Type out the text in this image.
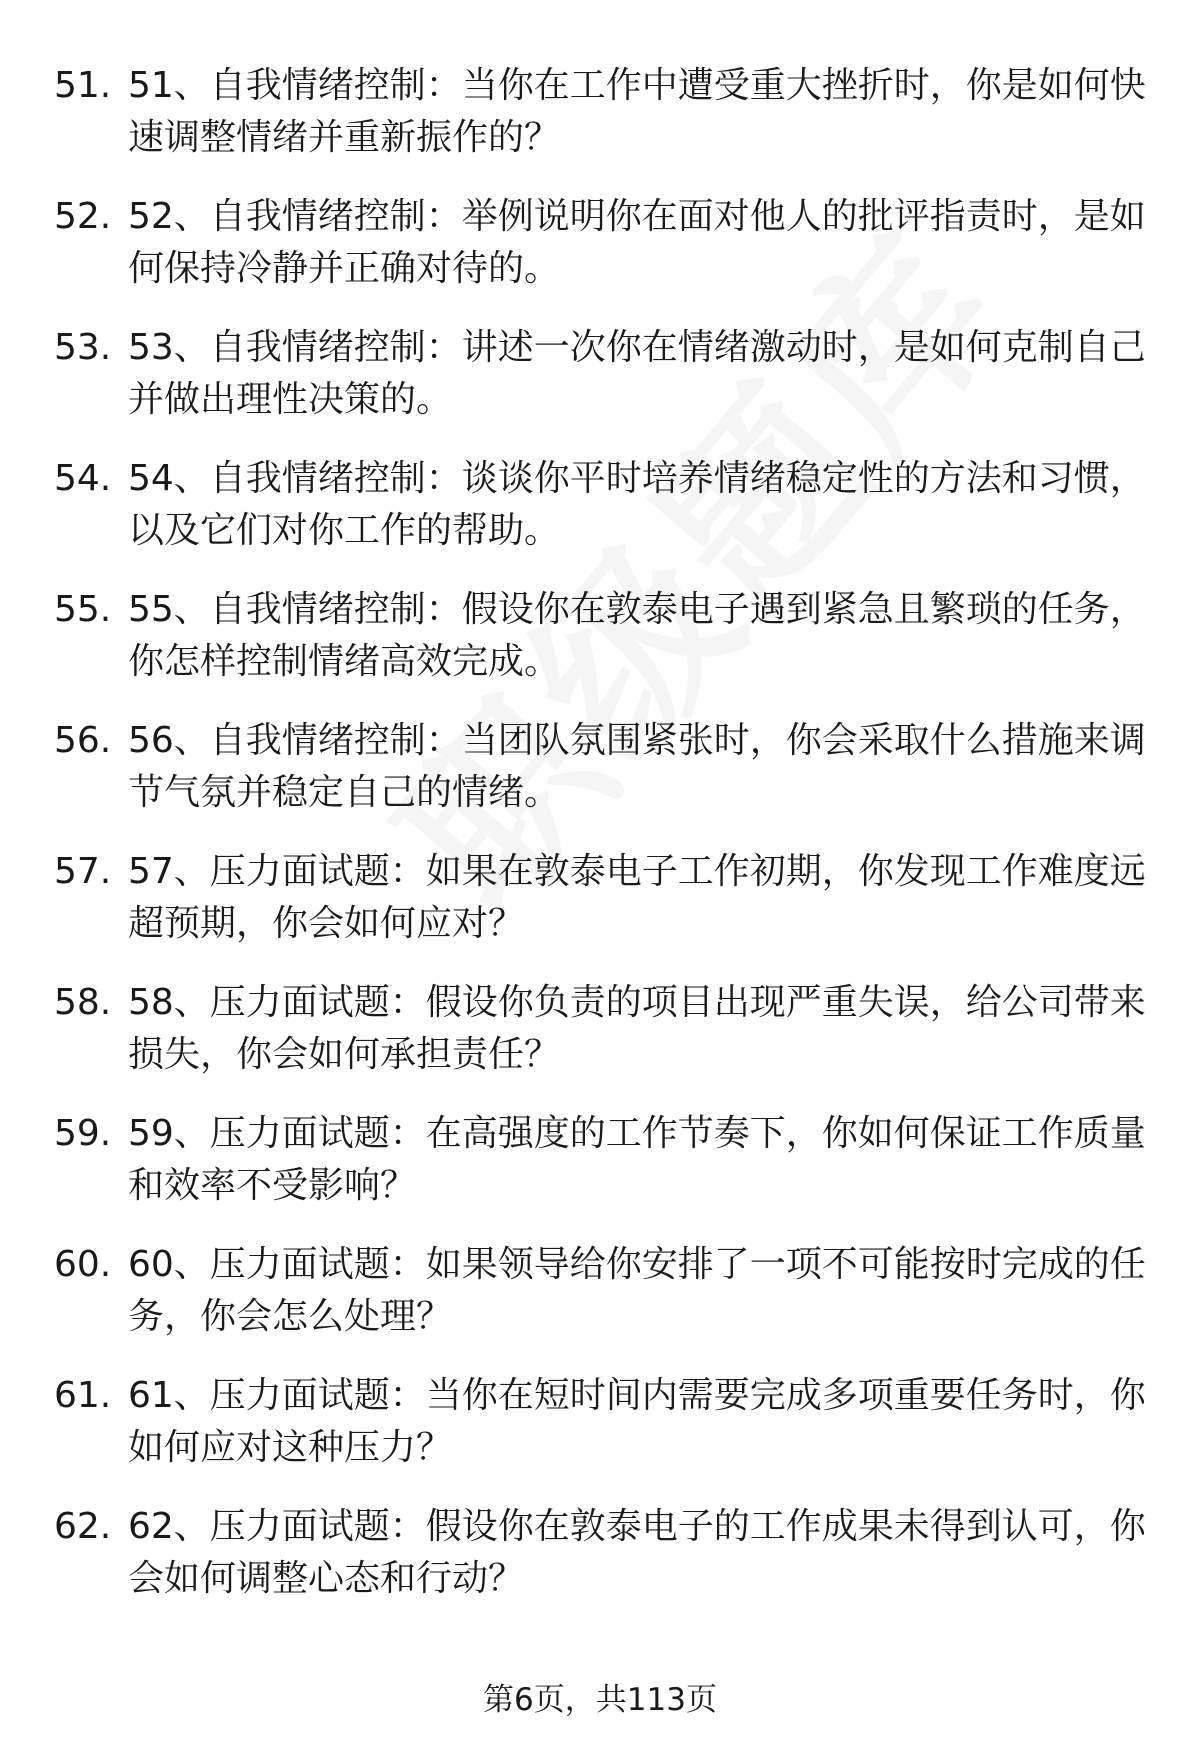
51. 51、自我情绪控制：当你在工作中遭受重大挫折时，你是如何快
速调整情绪并重新振作的？
52. 52、自我情绪控制：举例说明你在面对他人的批评指责时，是如
何保持冷静并正确对待的。
53. 53、自我情绪控制：讲述一次你在情绪激动时，是如何克制自己
并做出理性决策的。
54. 54、自我情绪控制：谈谈你平时培养情绪稳定性的方法和习惯，
以及它们对你工作的帮助。
55. 55、自我情绪控制：假设你在敦泰电子遇到紧急且繁琐的任务，
你怎样控制情绪高效完成。
56. 56、自我情绪控制：当团队氛围紧张时，你会采取什么措施来调
节气氛并稳定自己的情绪。
57. 57、压力面试题：如果在敦泰电子工作初期，你发现工作难度远
超预期，你会如何应对？
58. 58、压力面试题：假设你负责的项目出现严重失误，给公司带来
损失，你会如何承担责任？
59. 59、压力面试题：在高强度的工作节奏下，你如何保证工作质量
和效率不受影响？
60. 60、压力面试题：如果领导给你安排了一项不可能按时完成的任
务，你会怎么处理？
61. 61、压力面试题：当你在短时间内需要完成多项重要任务时，你
如何应对这种压力？
62. 62、压力面试题：假设你在敦泰电子的工作成果未得到认可，你
会如何调整心态和行动？
第6页，共113页
